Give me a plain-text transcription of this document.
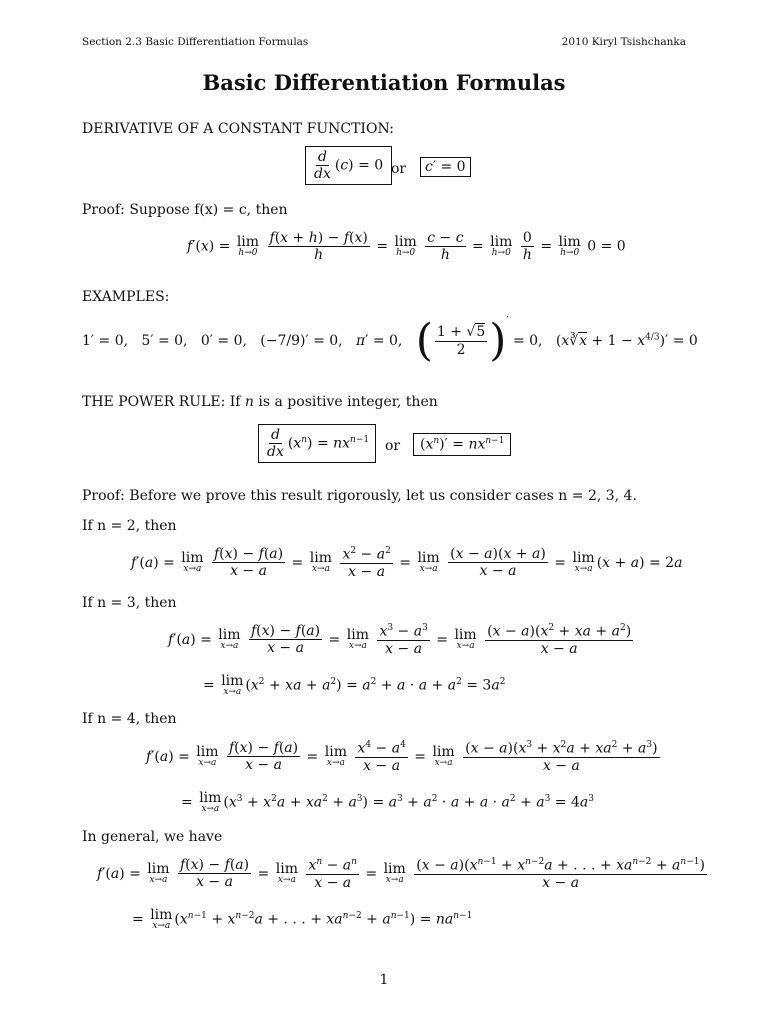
Section 2.3 Basic Differentiation Formulas	2010 Kiryl Tsishchanka
Basic Differentiation Formulas
DERIVATIVE OF A CONSTANT FUNCTION:
$\frac{d}{dx} (c) = 0$ or	c′ = 0
Proof: Suppose f(x) = c, then
f′(x) = lim
h→0
$\frac{f(x + h) - f(x)}{h} = \lim$
h→0
$\frac{c - c}{h} = \lim$
h→0
$\frac{0}{h} = \lim$
h→0 0 = 0
EXAMPLES:
1′ = 0,   5′ = 0,   0′ = 0,   (−7/9)′ = 0,   π′ = 0,   ( $\frac{1 + √5}{2} )' = 0$,   (x∛x + $1 - x^{4/3})' = 0$
THE POWER RULE: If n is a positive integer, then
$\frac{d}{dx} (x^n) = nx^{n-1}$	or	$(x^n)' = nx^{n-1}$
Proof: Before we prove this result rigorously, let us consider cases n = 2, 3, 4.
If n = 2, then
f′(a) = lim
x→a
$\frac{f(x) - f(a)}{x - a} = \lim$
x→a
$\frac{x^2 - a^2}{x - a} = \lim$
x→a
$\frac{(x - a)(x + a)}{x - a} = \lim$
x→a (x + a) = 2a
If n = 3, then
f′(a) = lim
x→a
$\frac{f(x) - f(a)}{x - a} = \lim$
x→a
$\frac{x^3 - a^3}{x - a} = \lim$
x→a
$\frac{(x - a)(x^2 + xa + a^2)}{x - a}$
= lim
x→a ($x^2$ + xa + $a^2) = a^2 + a \cdot a + a^2 = 3a^2$
If n = 4, then
f′(a) = lim
x→a
$\frac{f(x) - f(a)}{x - a} = \lim$
x→a
$\frac{x^4 - a^4}{x - a} = \lim$
x→a
$\frac{(x - a)(x^3 + x^2a + xa^2 + a^3)}{x - a}$
= lim
x→a $(x^3 + x^2a + xa^2 + a^3) = a^3 + a^2 \cdot a + a \cdot a^2 + a^3 = 4a^3$
In general, we have
f′(a) = lim
x→a
$\frac{f(x) - f(a)}{x - a} = \lim$
x→a
$\frac{x^n - a^n}{x - a} = \lim$
x→a
$\frac{(x - a)(x^{n-1} + x^{n-2}a + . . . + xa^{n-2} + a^{n-1})}{x - a}$
= lim
x→a ($x^{n-1} + x^{n-2}a$ + . . . + $xa^{n-2} + a^{n-1}) = na^{n-1}$
1
